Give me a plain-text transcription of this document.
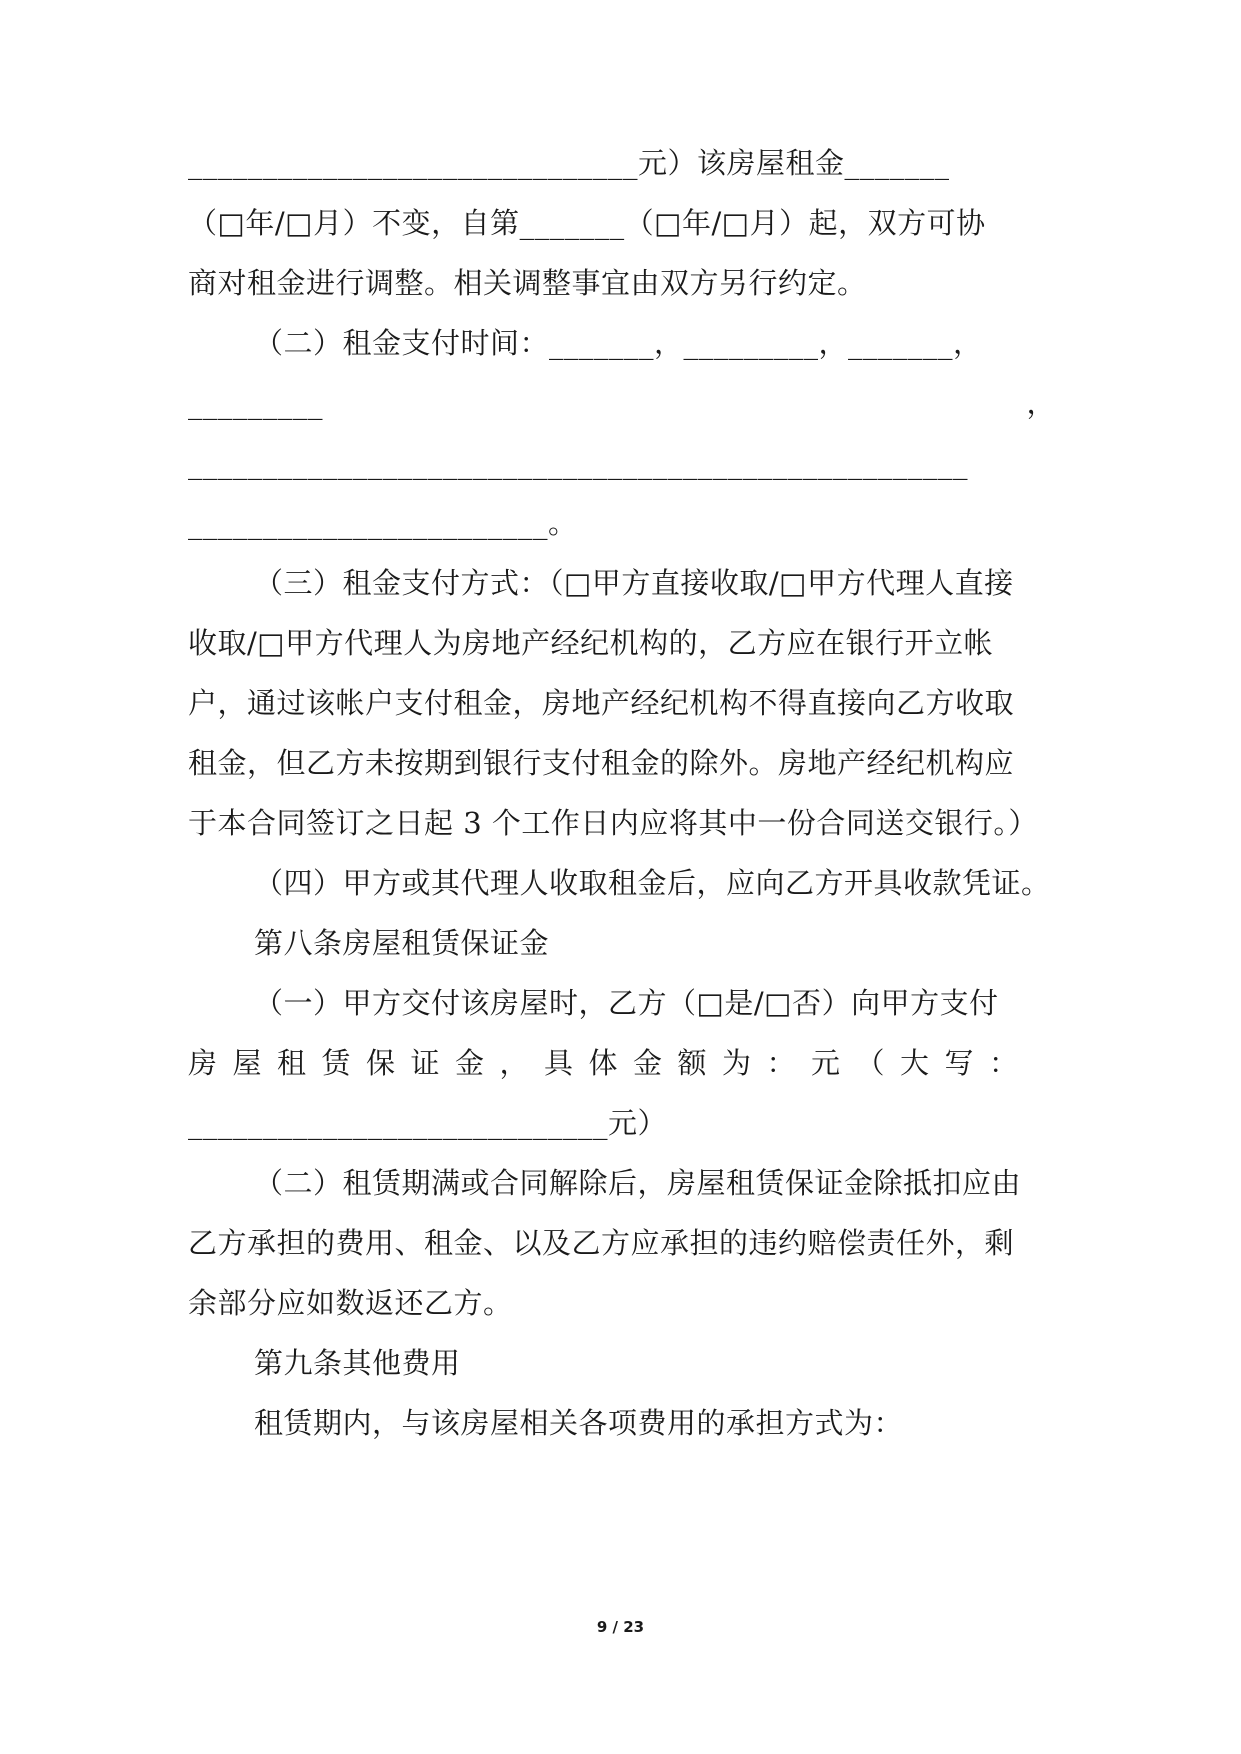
______________________________元）该房屋租金_______
（□年/□月）不变，自第_______（□年/□月）起，双方可协
商对租金进行调整。相关调整事宜由双方另行约定。
（二）租金支付时间：_______，_________，_______，
_________	，
____________________________________________________
________________________。
（三）租金支付方式：（□甲方直接收取/□甲方代理人直接
收取/□甲方代理人为房地产经纪机构的，乙方应在银行开立帐
户，通过该帐户支付租金，房地产经纪机构不得直接向乙方收取
租金，但乙方未按期到银行支付租金的除外。房地产经纪机构应
于本合同签订之日起 3 个工作日内应将其中一份合同送交银行。）
（四）甲方或其代理人收取租金后，应向乙方开具收款凭证。
第八条房屋租赁保证金
（一）甲方交付该房屋时，乙方（□是/□否）向甲方支付
房屋租赁保证金，具体金额为：元（大写：
____________________________元）
（二）租赁期满或合同解除后，房屋租赁保证金除抵扣应由
乙方承担的费用、租金、以及乙方应承担的违约赔偿责任外，剩
余部分应如数返还乙方。
第九条其他费用
租赁期内，与该房屋相关各项费用的承担方式为：
9 / 23
